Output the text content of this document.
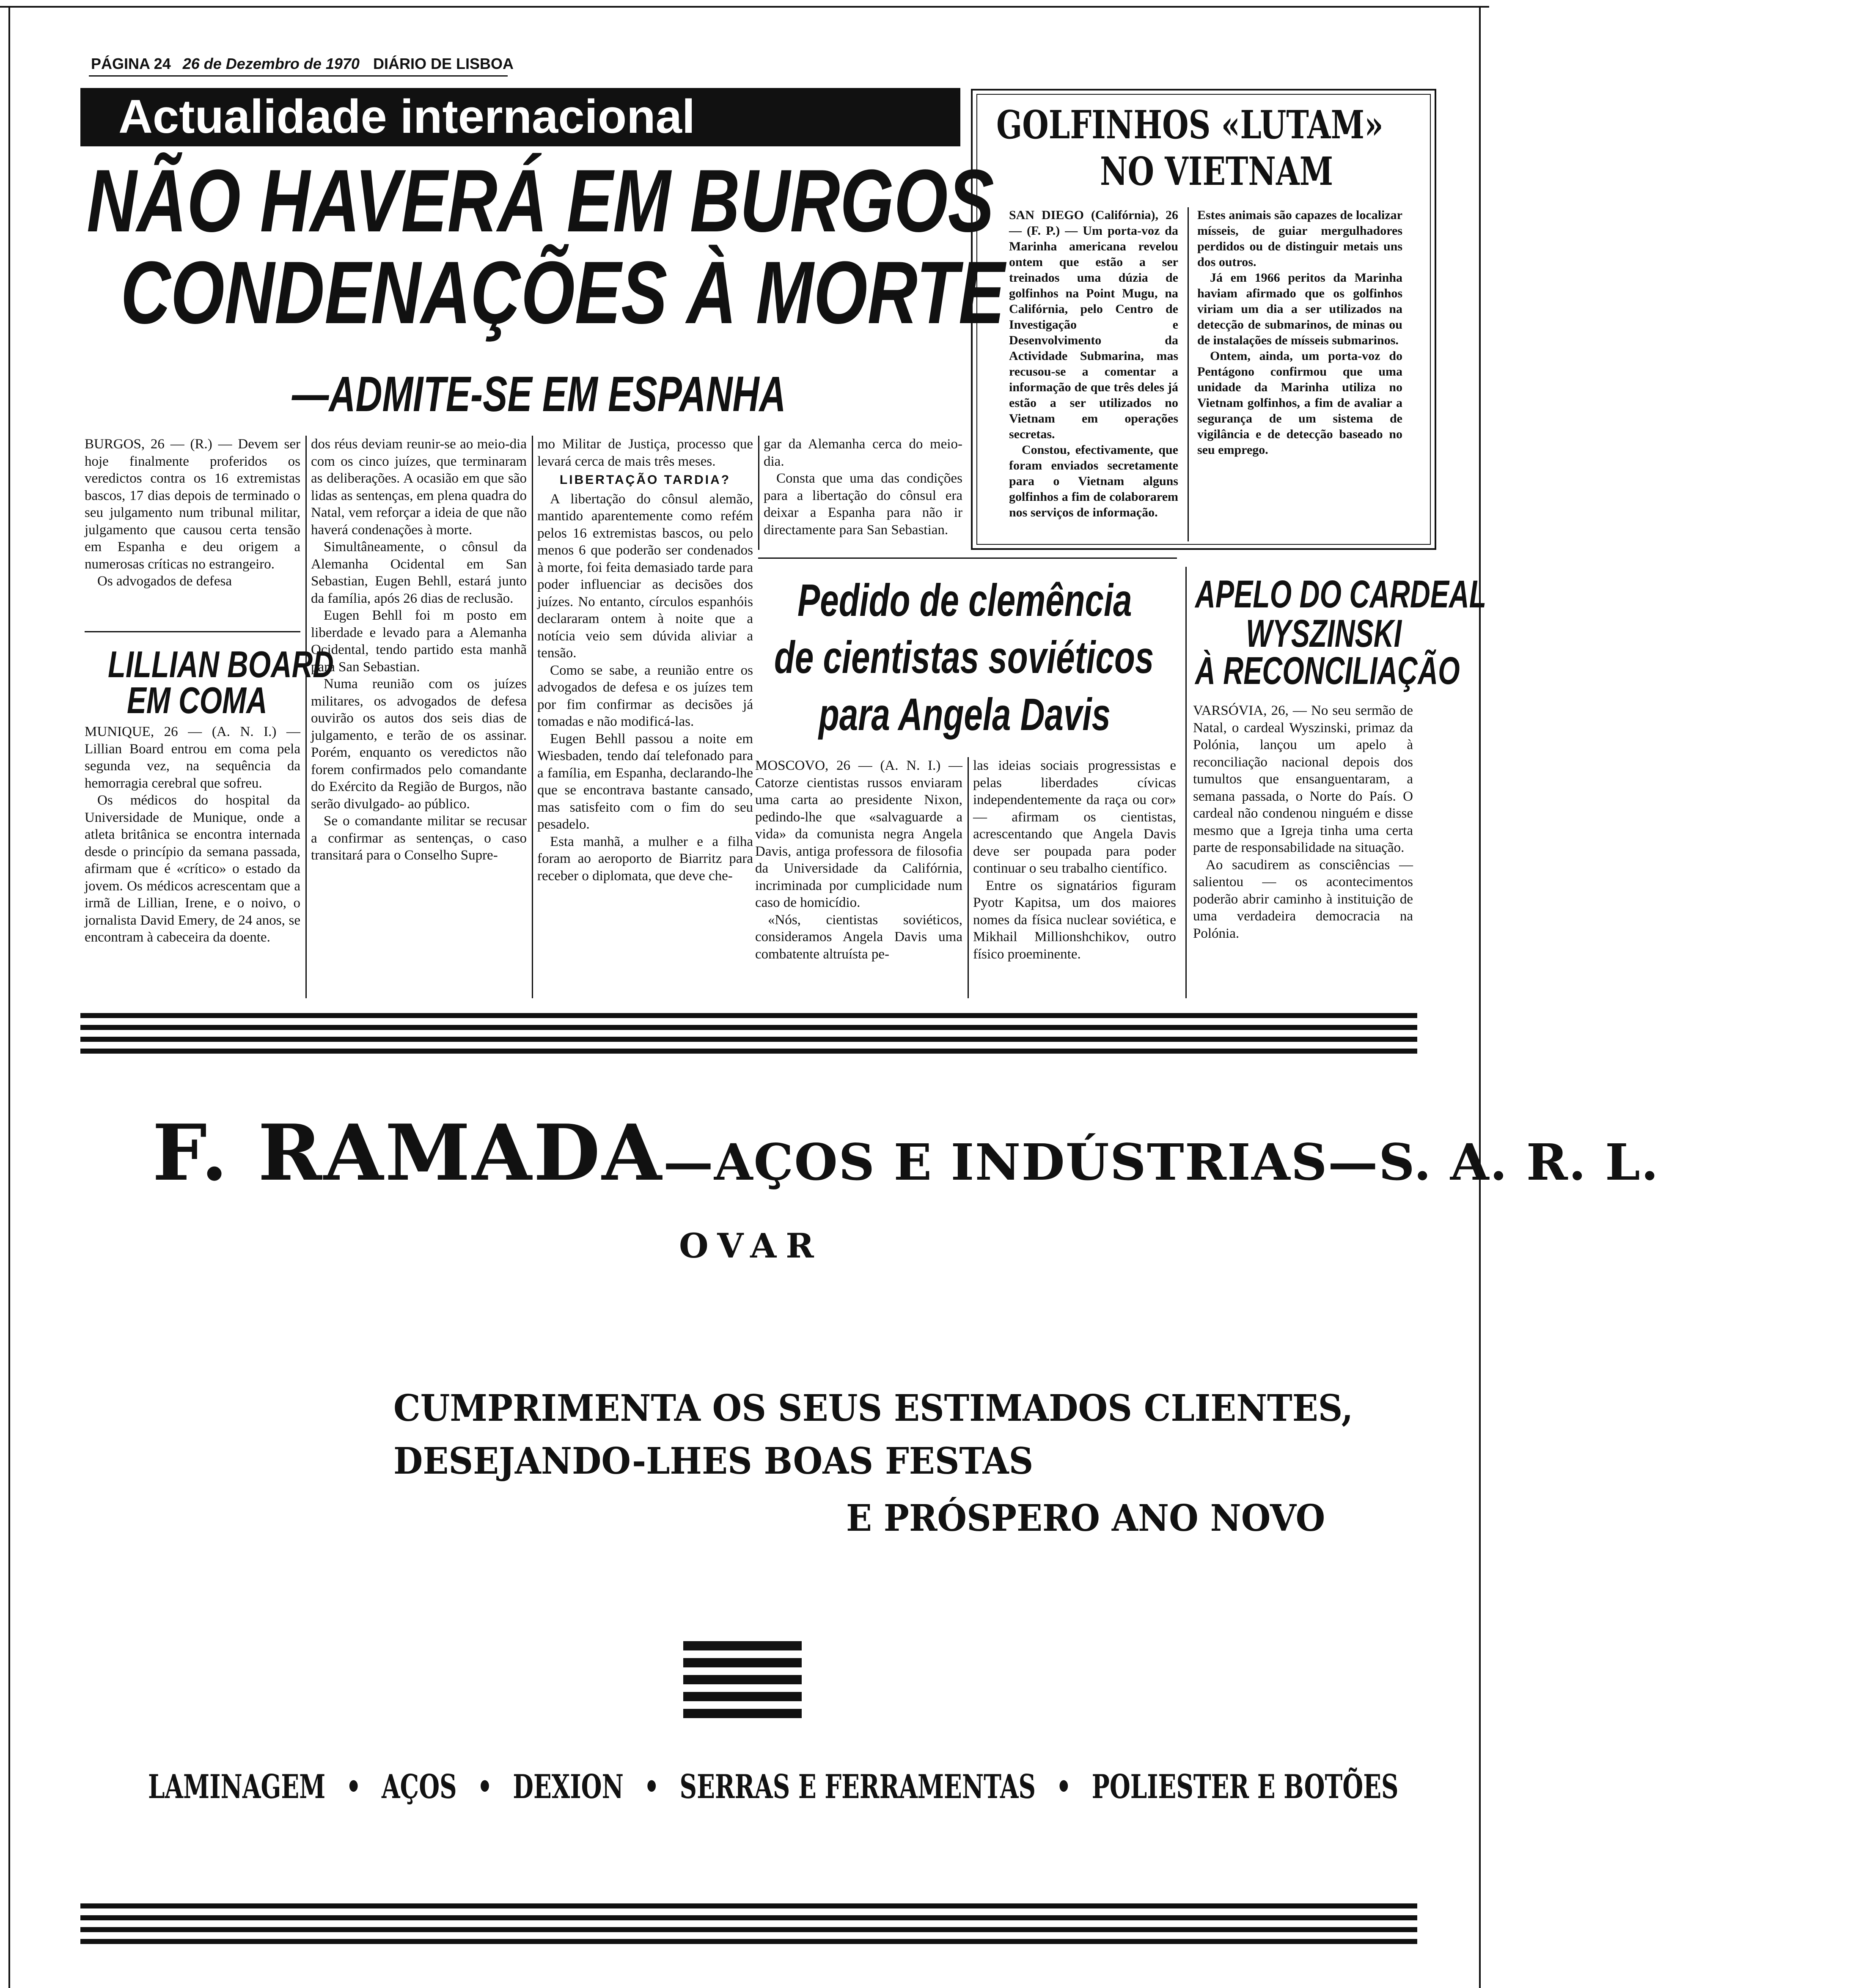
PÁGINA 24 26 de Dezembro de 1970 DIÁRIO DE LISBOA
Actualidade internacional
NÃO HAVERÁ EM BURGOS
CONDENAÇÕES À MORTE
—ADMITE-SE EM ESPANHA

BURGOS, 26 — (R.) — Devem ser hoje finalmente proferidos os veredictos contra os 16 extremistas bascos, 17 dias depois de terminado o seu julgamento num tribunal militar, julgamento que causou certa tensão em Espanha e deu origem a numerosas críticas no estrangeiro.

Os advogados de defesa

dos réus deviam reunir-se ao meio-dia com os cinco juízes, que terminaram as deliberações. A ocasião em que são lidas as sentenças, em plena quadra do Natal, vem reforçar a ideia de que não haverá condenações à morte.

Simultâneamente, o cônsul da Alemanha Ocidental em San Sebastian, Eugen Behll, estará junto da família, após 26 dias de reclusão.

Eugen Behll foi m posto em liberdade e levado para a Alemanha Ocidental, tendo partido esta manhã para San Sebastian.

Numa reunião com os juízes militares, os advogados de defesa ouvirão os autos dos seis dias de julgamento, e terão de os assinar. Porém, enquanto os veredictos não forem confirmados pelo comandante do Exército da Região de Burgos, não serão divulgado- ao público.

Se o comandante militar se recusar a confirmar as sentenças, o caso transitará para o Conselho Supre-

mo Militar de Justiça, processo que levará cerca de mais três meses.

LIBERTAÇÃO TARDIA?

A libertação do cônsul alemão, mantido aparentemente como refém pelos 16 extremistas bascos, ou pelo menos 6 que poderão ser condenados à morte, foi feita demasiado tarde para poder influenciar as decisões dos juízes. No entanto, círculos espanhóis declararam ontem à noite que a notícia veio sem dúvida aliviar a tensão.

Como se sabe, a reunião entre os advogados de defesa e os juízes tem por fim confirmar as decisões já tomadas e não modificá-las.

Eugen Behll passou a noite em Wiesbaden, tendo daí telefonado para a família, em Espanha, declarando-lhe que se encontrava bastante cansado, mas satisfeito com o fim do seu pesadelo.

Esta manhã, a mulher e a filha foram ao aeroporto de Biarritz para receber o diplomata, que deve che-

gar da Alemanha cerca do meio-dia.

Consta que uma das condições para a libertação do cônsul era deixar a Espanha para não ir directamente para San Sebastian.

LILLIAN BOARD
EM COMA

MUNIQUE, 26 — (A. N. I.) — Lillian Board entrou em coma pela segunda vez, na sequência da hemorragia cerebral que sofreu.

Os médicos do hospital da Universidade de Munique, onde a atleta britânica se encontra internada desde o princípio da semana passada, afirmam que é «crítico» o estado da jovem. Os médicos acrescentam que a irmã de Lillian, Irene, e o noivo, o jornalista David Emery, de 24 anos, se encontram à cabeceira da doente.

GOLFINHOS «LUTAM»
NO VIETNAM

SAN DIEGO (Califórnia), 26 — (F. P.) — Um porta-voz da Marinha americana revelou ontem que estão a ser treinados uma dúzia de golfinhos na Point Mugu, na Califórnia, pelo Centro de Investigação e Desenvolvimento da Actividade Submarina, mas recusou-se a comentar a informação de que três deles já estão a ser utilizados no Vietnam em operações secretas.

Constou, efectivamente, que foram enviados secretamente para o Vietnam alguns golfinhos a fim de colaborarem nos serviços de informação.

Estes animais são capazes de localizar mísseis, de guiar mergulhadores perdidos ou de distinguir metais uns dos outros.

Já em 1966 peritos da Marinha haviam afirmado que os golfinhos viriam um dia a ser utilizados na detecção de submarinos, de minas ou de instalações de mísseis submarinos.

Ontem, ainda, um porta-voz do Pentágono confirmou que uma unidade da Marinha utiliza no Vietnam golfinhos, a fim de avaliar a segurança de um sistema de vigilância e de detecção baseado no seu emprego.

Pedido de clemência
de cientistas soviéticos
para Angela Davis

MOSCOVO, 26 — (A. N. I.) — Catorze cientistas russos enviaram uma carta ao presidente Nixon, pedindo-lhe que «salvaguarde a vida» da comunista negra Angela Davis, antiga professora de filosofia da Universidade da Califórnia, incriminada por cumplicidade num caso de homicídio.

«Nós, cientistas soviéticos, consideramos Angela Davis uma combatente altruísta pe-

las ideias sociais progressistas e pelas liberdades cívicas independentemente da raça ou cor» — afirmam os cientistas, acrescentando que Angela Davis deve ser poupada para poder continuar o seu trabalho científico.

Entre os signatários figuram Pyotr Kapitsa, um dos maiores nomes da física nuclear soviética, e Mikhail Millionshchikov, outro físico proeminente.

APELO DO CARDEAL
WYSZINSKI
À RECONCILIAÇÃO

VARSÓVIA, 26, — No seu sermão de Natal, o cardeal Wyszinski, primaz da Polónia, lançou um apelo à reconciliação nacional depois dos tumultos que ensanguentaram, a semana passada, o Norte do País. O cardeal não condenou ninguém e disse mesmo que a Igreja tinha uma certa parte de responsabilidade na situação.

Ao sacudirem as consciências — salientou — os acontecimentos poderão abrir caminho à instituição de uma verdadeira democracia na Polónia.

F. RAMADA—AÇOS E INDÚSTRIAS—S. A. R. L.
OVAR
CUMPRIMENTA OS SEUS ESTIMADOS CLIENTES,
DESEJANDO-LHES BOAS FESTAS
E PRÓSPERO ANO NOVO
LAMINAGEM • AÇOS • DEXION • SERRAS E FERRAMENTAS • POLIESTER E BOTÕES
